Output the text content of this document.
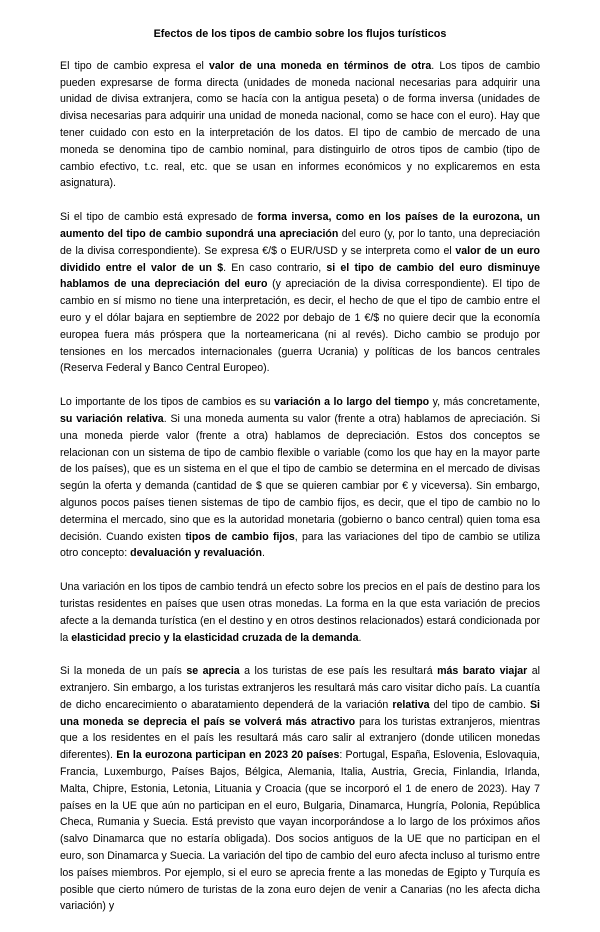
Efectos de los tipos de cambio sobre los flujos turísticos

El tipo de cambio expresa el valor de una moneda en términos de otra. Los tipos de cambio pueden expresarse de forma directa (unidades de moneda nacional necesarias para adquirir una unidad de divisa extranjera, como se hacía con la antigua peseta) o de forma inversa (unidades de divisa necesarias para adquirir una unidad de moneda nacional, como se hace con el euro). Hay que tener cuidado con esto en la interpretación de los datos. El tipo de cambio de mercado de una moneda se denomina tipo de cambio nominal, para distinguirlo de otros tipos de cambio (tipo de cambio efectivo, t.c. real, etc. que se usan en informes económicos y no explicaremos en esta asignatura).

Si el tipo de cambio está expresado de forma inversa, como en los países de la eurozona, un aumento del tipo de cambio supondrá una apreciación del euro (y, por lo tanto, una depreciación de la divisa correspondiente). Se expresa €/$ o EUR/USD y se interpreta como el valor de un euro dividido entre el valor de un $. En caso contrario, si el tipo de cambio del euro disminuye hablamos de una depreciación del euro (y apreciación de la divisa correspondiente). El tipo de cambio en sí mismo no tiene una interpretación, es decir, el hecho de que el tipo de cambio entre el euro y el dólar bajara en septiembre de 2022 por debajo de 1 €/$ no quiere decir que la economía europea fuera más próspera que la norteamericana (ni al revés). Dicho cambio se produjo por tensiones en los mercados internacionales (guerra Ucrania) y políticas de los bancos centrales (Reserva Federal y Banco Central Europeo).

Lo importante de los tipos de cambios es su variación a lo largo del tiempo y, más concretamente, su variación relativa. Si una moneda aumenta su valor (frente a otra) hablamos de apreciación. Si una moneda pierde valor (frente a otra) hablamos de depreciación. Estos dos conceptos se relacionan con un sistema de tipo de cambio flexible o variable (como los que hay en la mayor parte de los países), que es un sistema en el que el tipo de cambio se determina en el mercado de divisas según la oferta y demanda (cantidad de $ que se quieren cambiar por € y viceversa). Sin embargo, algunos pocos países tienen sistemas de tipo de cambio fijos, es decir, que el tipo de cambio no lo determina el mercado, sino que es la autoridad monetaria (gobierno o banco central) quien toma esa decisión. Cuando existen tipos de cambio fijos, para las variaciones del tipo de cambio se utiliza otro concepto: devaluación y revaluación.

Una variación en los tipos de cambio tendrá un efecto sobre los precios en el país de destino para los turistas residentes en países que usen otras monedas. La forma en la que esta variación de precios afecte a la demanda turística (en el destino y en otros destinos relacionados) estará condicionada por la elasticidad precio y la elasticidad cruzada de la demanda.

Si la moneda de un país se aprecia a los turistas de ese país les resultará más barato viajar al extranjero. Sin embargo, a los turistas extranjeros les resultará más caro visitar dicho país. La cuantía de dicho encarecimiento o abaratamiento dependerá de la variación relativa del tipo de cambio. Si una moneda se deprecia el país se volverá más atractivo para los turistas extranjeros, mientras que a los residentes en el país les resultará más caro salir al extranjero (donde utilicen monedas diferentes). En la eurozona participan en 2023 20 países: Portugal, España, Eslovenia, Eslovaquia, Francia, Luxemburgo, Países Bajos, Bélgica, Alemania, Italia, Austria, Grecia, Finlandia, Irlanda, Malta, Chipre, Estonia, Letonia, Lituania y Croacia (que se incorporó el 1 de enero de 2023). Hay 7 países en la UE que aún no participan en el euro, Bulgaria, Dinamarca, Hungría, Polonia, República Checa, Rumania y Suecia. Está previsto que vayan incorporándose a lo largo de los próximos años (salvo Dinamarca que no estaría obligada). Dos socios antiguos de la UE que no participan en el euro, son Dinamarca y Suecia. La variación del tipo de cambio del euro afecta incluso al turismo entre los países miembros. Por ejemplo, si el euro se aprecia frente a las monedas de Egipto y Turquía es posible que cierto número de turistas de la zona euro dejen de venir a Canarias (no les afecta dicha variación) y
